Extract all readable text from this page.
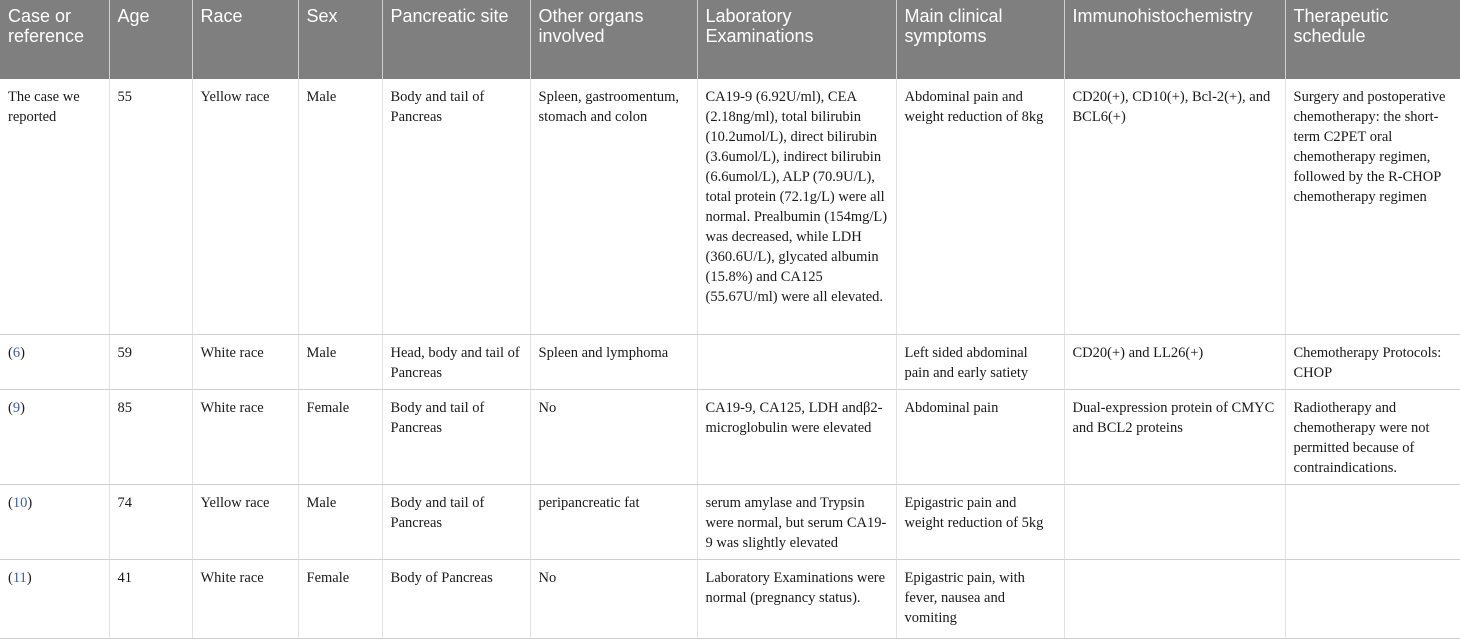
Case or reference	Age	Race	Sex	Pancreatic site	Other organs involved	Laboratory Examinations	Main clinical symptoms	Immunohistochemistry	Therapeutic schedule
The case we reported	55	Yellow race	Male	Body and tail of Pancreas	Spleen, gastroomentum, stomach and colon	CA19-9 (6.92U/ml), CEA (2.18ng/ml), total bilirubin (10.2umol/L), direct bilirubin (3.6umol/L), indirect bilirubin (6.6umol/L), ALP (70.9U/L), total protein (72.1g/L) were all normal. Prealbumin (154mg/L) was decreased, while LDH (360.6U/L), glycated albumin (15.8%) and CA125 (55.67U/ml) were all elevated.	Abdominal pain and weight reduction of 8kg	CD20(+), CD10(+), Bcl-2(+), and BCL6(+)	Surgery and postoperative chemotherapy: the short-term C2PET oral chemotherapy regimen, followed by the R-CHOP chemotherapy regimen
(6)	59	White race	Male	Head, body and tail of Pancreas	Spleen and lymphoma		Left sided abdominal pain and early satiety	CD20(+) and LL26(+)	Chemotherapy Protocols: CHOP
(9)	85	White race	Female	Body and tail of Pancreas	No	CA19-9, CA125, LDH andβ2-microglobulin were elevated	Abdominal pain	Dual-expression protein of CMYC and BCL2 proteins	Radiotherapy and chemotherapy were not permitted because of contraindications.
(10)	74	Yellow race	Male	Body and tail of Pancreas	peripancreatic fat	serum amylase and Trypsin were normal, but serum CA19-9 was slightly elevated	Epigastric pain and weight reduction of 5kg		
(11)	41	White race	Female	Body of Pancreas	No	Laboratory Examinations were normal (pregnancy status).	Epigastric pain, with fever, nausea and vomiting		
